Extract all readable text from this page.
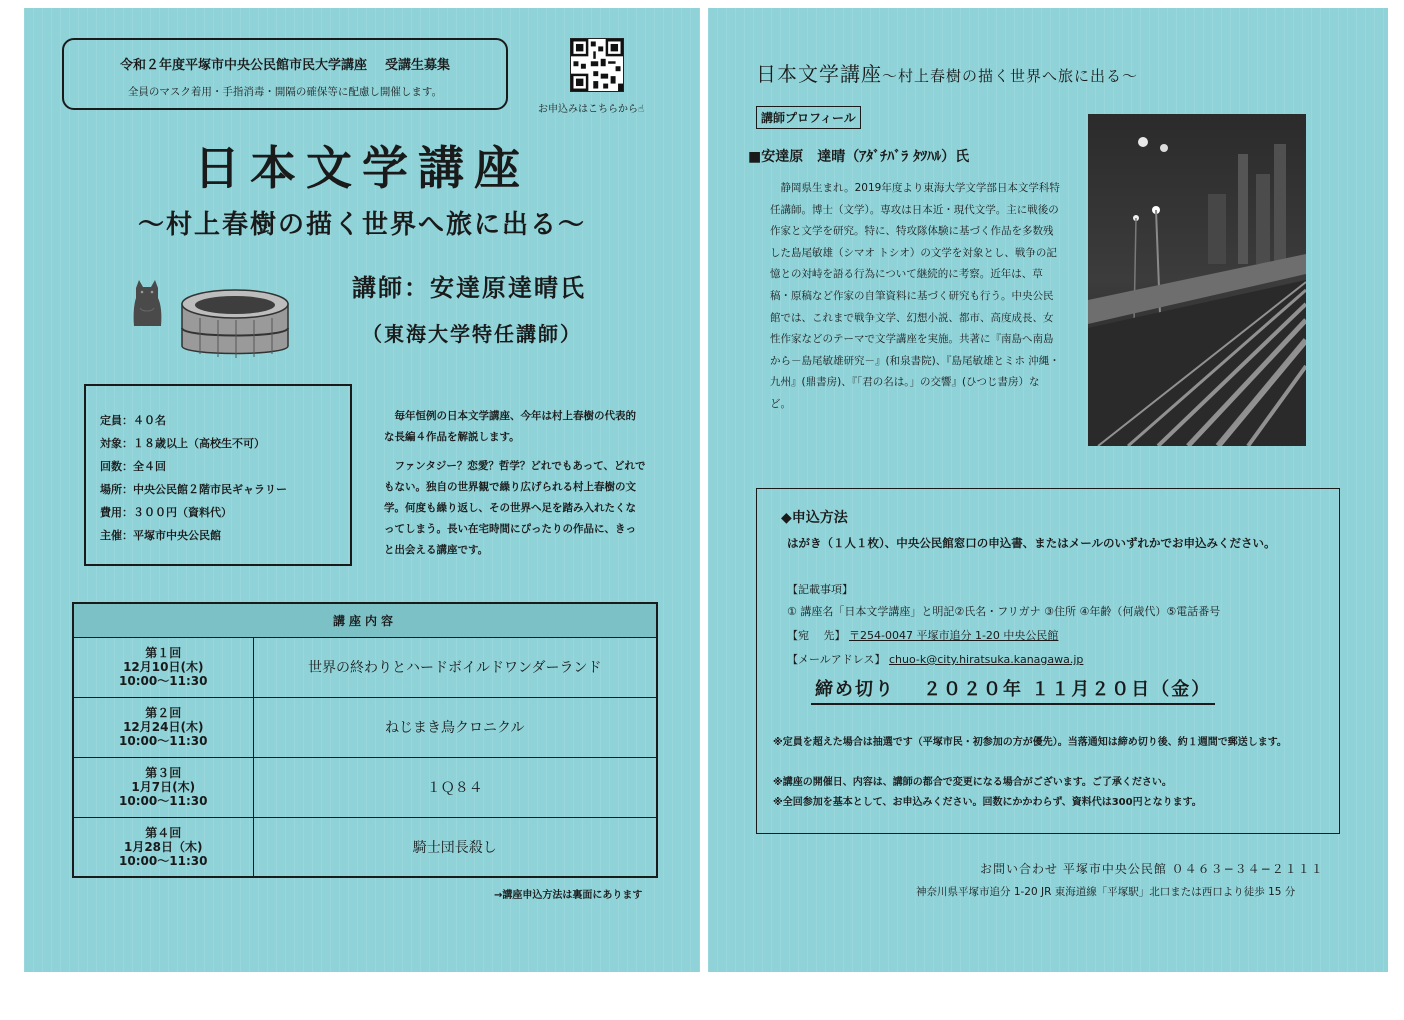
令和２年度平塚市中央公民館市民大学講座 受講生募集
全員のマスク着用・手指消毒・開隔の確保等に配慮し開催します。
お申込みはこちらから☝
日本文学講座
〜村上春樹の描く世界へ旅に出る〜
講師：安達原達晴氏
（東海大学特任講師）
定員：４０名
対象：１８歳以上（高校生不可）
回数：全４回
場所：中央公民館２階市民ギャラリー
費用：３００円（資料代）
主催：平塚市中央公民館

毎年恒例の日本文学講座、今年は村上春樹の代表的な長編４作品を解説します。

ファンタジー？恋愛？哲学？どれでもあって、どれでもない。独自の世界観で繰り広げられる村上春樹の文学。何度も繰り返し、その世界へ足を踏み入れたくなってしまう。長い在宅時間にぴったりの作品に、きっと出会える講座です。

講座内容	

第１回
12月10日(木)
10:00〜11:30	世界の終わりとハードボイルドワンダーランド

第２回
12月24日(木)
10:00〜11:30	ねじまき鳥クロニクル

第３回
1月7日(木)
10:00〜11:30	１Ｑ８４

第４回
1月28日（木)
10:00〜11:30	騎士団長殺し
→講座申込方法は裏面にあります
日本文学講座〜村上春樹の描く世界へ旅に出る〜
講師プロフィール
■安達原　達晴（ｱﾀﾞﾁﾊﾞﾗ ﾀﾂﾊﾙ）氏
静岡県生まれ。2019年度より東海大学文学部日本文学科特任講師。博士（文学）。専攻は日本近・現代文学。主に戦後の作家と文学を研究。特に、特攻隊体験に基づく作品を多数残した島尾敏雄（シマオ トシオ）の文学を対象とし、戦争の記憶との対峙を語る行為について継続的に考察。近年は、草稿・原稿など作家の自筆資料に基づく研究も行う。中央公民館では、これまで戦争文学、幻想小説、都市、高度成長、女性作家などのテーマで文学講座を実施。共著に『南島へ南島から－島尾敏雄研究－』(和泉書院)、『島尾敏雄とミホ 沖縄・九州』(鼎書房)、『「君の名は。」の交響』(ひつじ書房）など。
◆申込方法
はがき（１人１枚）、中央公民館窓口の申込書、またはメールのいずれかでお申込みください。
【記載事項】
① 講座名「日本文学講座」と明記②氏名・フリガナ ③住所 ④年齢（何歳代）⑤電話番号
【宛　 先】 〒254-0047 平塚市追分 1-20 中央公民館
【メールアドレス】 chuo-k@city.hiratsuka.kanagawa.jp
締め切り ２０２０年 １１月２０日（金）
※定員を超えた場合は抽選です（平塚市民・初参加の方が優先）。当落通知は締め切り後、約１週間で郵送します。
※講座の開催日、内容は、講師の都合で変更になる場合がございます。ご了承ください。
※全回参加を基本として、お申込みください。回数にかかわらず、資料代は300円となります。
お問い合わせ 平塚市中央公民館 ０４６３−３４−２１１１
神奈川県平塚市追分 1-20 JR 東海道線「平塚駅」北口または西口より徒歩 15 分
